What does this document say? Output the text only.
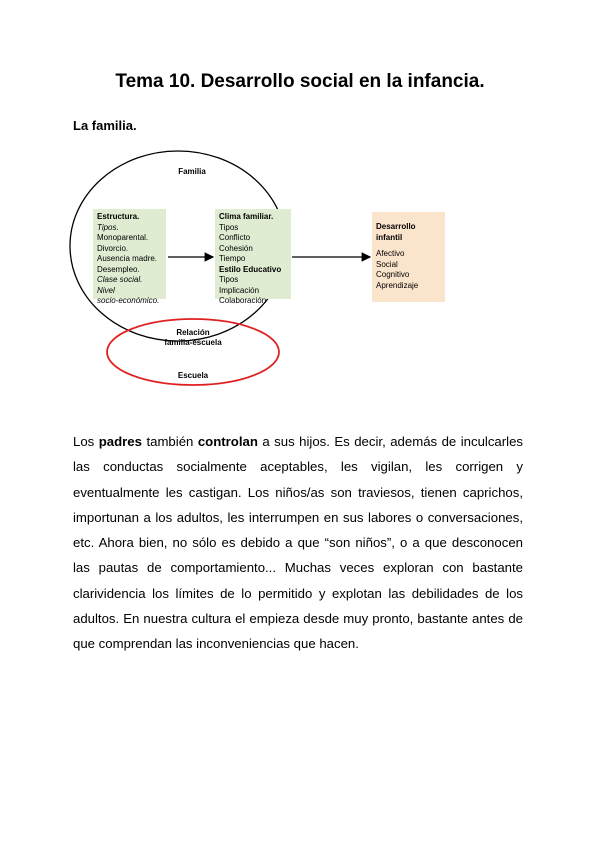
Tema 10. Desarrollo social en la infancia.
La familia.
Familia
Estructura.
Tipos.
Monoparental.
Divorcio.
Ausencia madre.
Desempleo.
Clase social.
Nivel
socio-económico.
Clima familiar.
Tipos
Conflicto
Cohesión
Tiempo
Estilo Educativo
Tipos
Implicación
Colaboración
Desarrollo
infantil
Afectivo
Social
Cognitivo
Aprendizaje
Relación
familia-escuela
Escuela
Los padres también controlan a sus hijos. Es decir, además de inculcarles las conductas socialmente aceptables, les vigilan, les corrigen y eventualmente les castigan. Los niños/as son traviesos, tienen caprichos, importunan a los adultos, les interrumpen en sus labores o conversaciones, etc. Ahora bien, no sólo es debido a que “son niños”, o a que desconocen las pautas de comportamiento... Muchas veces exploran con bastante clarividencia los límites de lo permitido y explotan las debilidades de los adultos. En nuestra cultura el empieza desde muy pronto, bastante antes de que comprendan las inconveniencias que hacen.
